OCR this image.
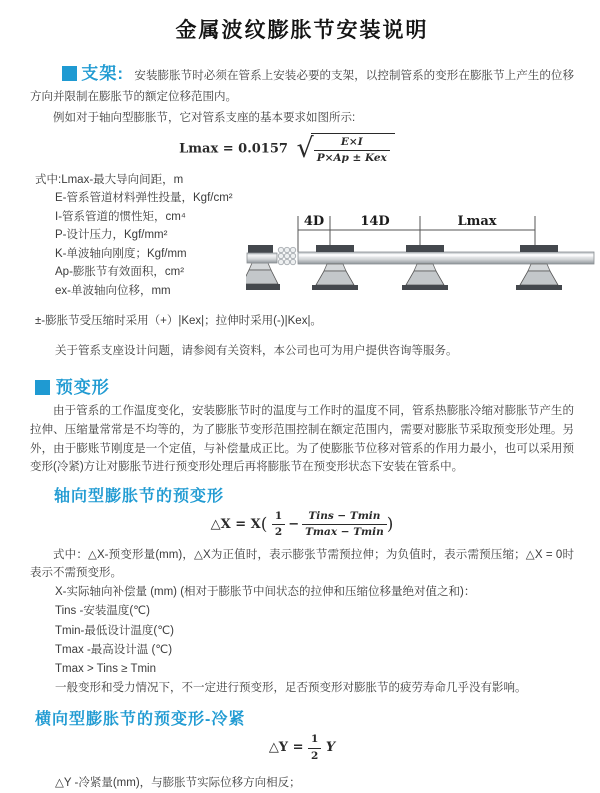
金属波纹膨胀节安装说明

支架: 安装膨胀节时必须在管系上安装必要的支架，以控制管系的变形在膨胀节上产生的位移方向并限制在膨胀节的额定位移范围内。

例如对于轴向型膨胀节，它对管系支座的基本要求如图所示:

Lmax = 0.0157 √ $\frac{E\times I}{\text{P×Ap ± Kex}}$
式中:Lmax-最大导向间距，m
E-管系管道材料弹性投量，Kgf/cm²
I-管系管道的惯性矩，cm⁴
P-设计压力，Kgf/mm²
K-单波轴向刚度；Kgf/mm
Ap-膨胀节有效面积，cm²
ex-单波轴向位移，mm
4D	14D	Lmax

±-膨胀节受压缩时采用（+）|Kex|；拉伸时采用(-)|Kex|。

关于管系支座设计问题，请参阅有关资料，本公司也可为用户提供咨询等服务。

预变形

由于管系的工作温度变化，安装膨胀节时的温度与工作时的温度不同，管系热膨胀冷缩对膨胀节产生的拉伸、压缩量常常是不均等的，为了膨胀节变形范围控制在额定范围内，需要对膨胀节采取预变形处理。另外，由于膨账节刚度是一个定值，与补偿量成正比。为了使膨胀节位移对管系的作用力最小，也可以采用预变形(冷紧)方让对膨胀节进行预变形处理后再将膨胀节在预变形状态下安装在管系中。

轴向型膨胀节的预变形
△X = $X( \frac{1}{2} - \frac{\text{Tins − Tmin}}{Tmax - Tmin}$ )

式中：△X-预变形量(mm)，△X为正值时，表示膨张节需预拉伸；为负值时，表示需预压缩；△X = 0时表示不需预变形。

X-实际轴向补偿量 (mm) (相对于膨胀节中间状态的拉伸和压缩位移量绝对值之和)：
Tins -安装温度(℃)
Tmin-最低设计温度(℃)
Tmax -最高设计温 (℃)
Tmax > Tins ≥ Tmin
一般变形和受力情况下，不一定进行预变形，足否预变形对膨胀节的疲劳寿命几乎没有影响。
横向型膨胀节的预变形-冷紧
△Y = $\frac{1}{2}$ Y

△Y -冷紧量(mm)，与膨胀节实际位移方向相反；
